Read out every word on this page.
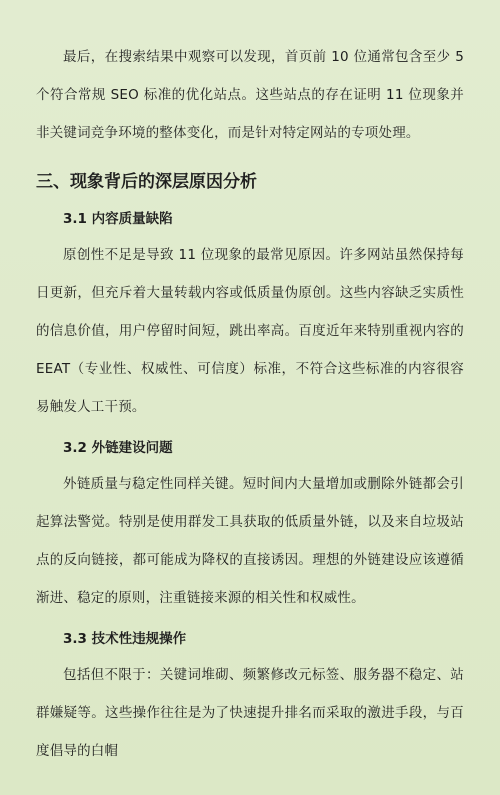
最后，在搜索结果中观察可以发现，首页前 10 位通常包含至少 5 个符合常规 SEO 标准的优化站点。这些站点的存在证明 11 位现象并非关键词竞争环境的整体变化，而是针对特定网站的专项处理。

三、现象背后的深层原因分析
3.1 内容质量缺陷

原创性不足是导致 11 位现象的最常见原因。许多网站虽然保持每日更新，但充斥着大量转载内容或低质量伪原创。这些内容缺乏实质性的信息价值，用户停留时间短，跳出率高。百度近年来特别重视内容的 EEAT（专业性、权威性、可信度）标准，不符合这些标准的内容很容易触发人工干预。

3.2 外链建设问题

外链质量与稳定性同样关键。短时间内大量增加或删除外链都会引起算法警觉。特别是使用群发工具获取的低质量外链，以及来自垃圾站点的反向链接，都可能成为降权的直接诱因。理想的外链建设应该遵循渐进、稳定的原则，注重链接来源的相关性和权威性。

3.3 技术性违规操作

包括但不限于：关键词堆砌、频繁修改元标签、服务器不稳定、站群嫌疑等。这些操作往往是为了快速提升排名而采取的激进手段，与百度倡导的白帽
